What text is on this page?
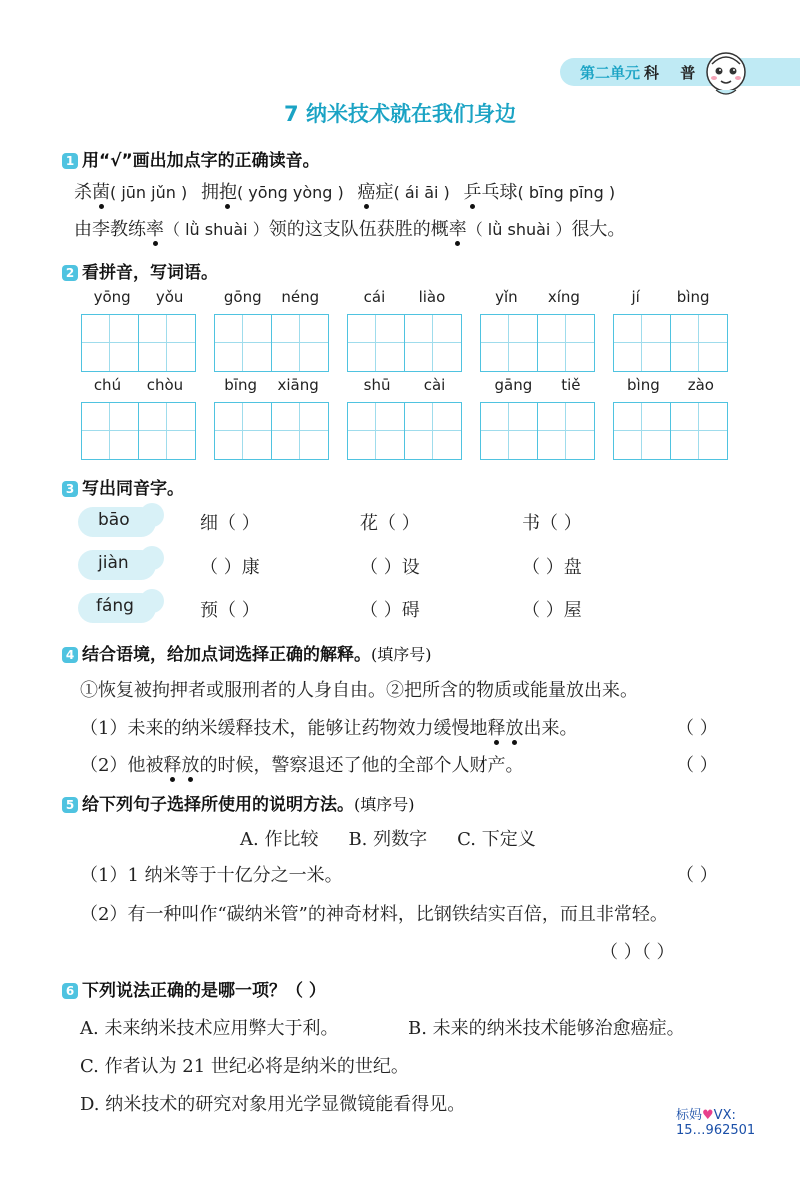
第二单元 科 普
7 纳米技术就在我们身边
1 用“√”画出加点字的正确读音。
杀菌( jūn jǔn ) 拥抱( yōng yòng ) 癌症( ái āi ) 乒乓球( bīng pīng )
由李教练率（ lǜ shuài ）领的这支队伍获胜的概率（ lǜ shuài ）很大。
2 看拼音，写词语。
yōng yǒu	gōng néng	cái liào	yǐn xíng	jí bìng
chú chòu	bīng xiāng	shū cài	gāng tiě	bìng zào
3 写出同音字。
bāo	细（ ）	花（ ）	书（ ）
jiàn	（ ）康	（ ）设	（ ）盘
fáng	预（ ）	（ ）碍	（ ）屋
4 结合语境，给加点词选择正确的解释。(填序号)
①恢复被拘押者或服刑者的人身自由。②把所含的物质或能量放出来。
（1）未来的纳米缓释技术，能够让药物效力缓慢地释放出来。	（ ）
（2）他被释放的时候，警察退还了他的全部个人财产。	（ ）
5 给下列句子选择所使用的说明方法。(填序号)
A. 作比较 B. 列数字 C. 下定义
（1）1 纳米等于十亿分之一米。	（ ）
（2）有一种叫作“碳纳米管”的神奇材料，比钢铁结实百倍，而且非常轻。
（ ）（ ）
6 下列说法正确的是哪一项？（ ）
A. 未来纳米技术应用弊大于利。	B. 未来的纳米技术能够治愈癌症。
C. 作者认为 21 世纪必将是纳米的世纪。
D. 纳米技术的研究对象用光学显微镜能看得见。
标妈♥VX:
15…962501
